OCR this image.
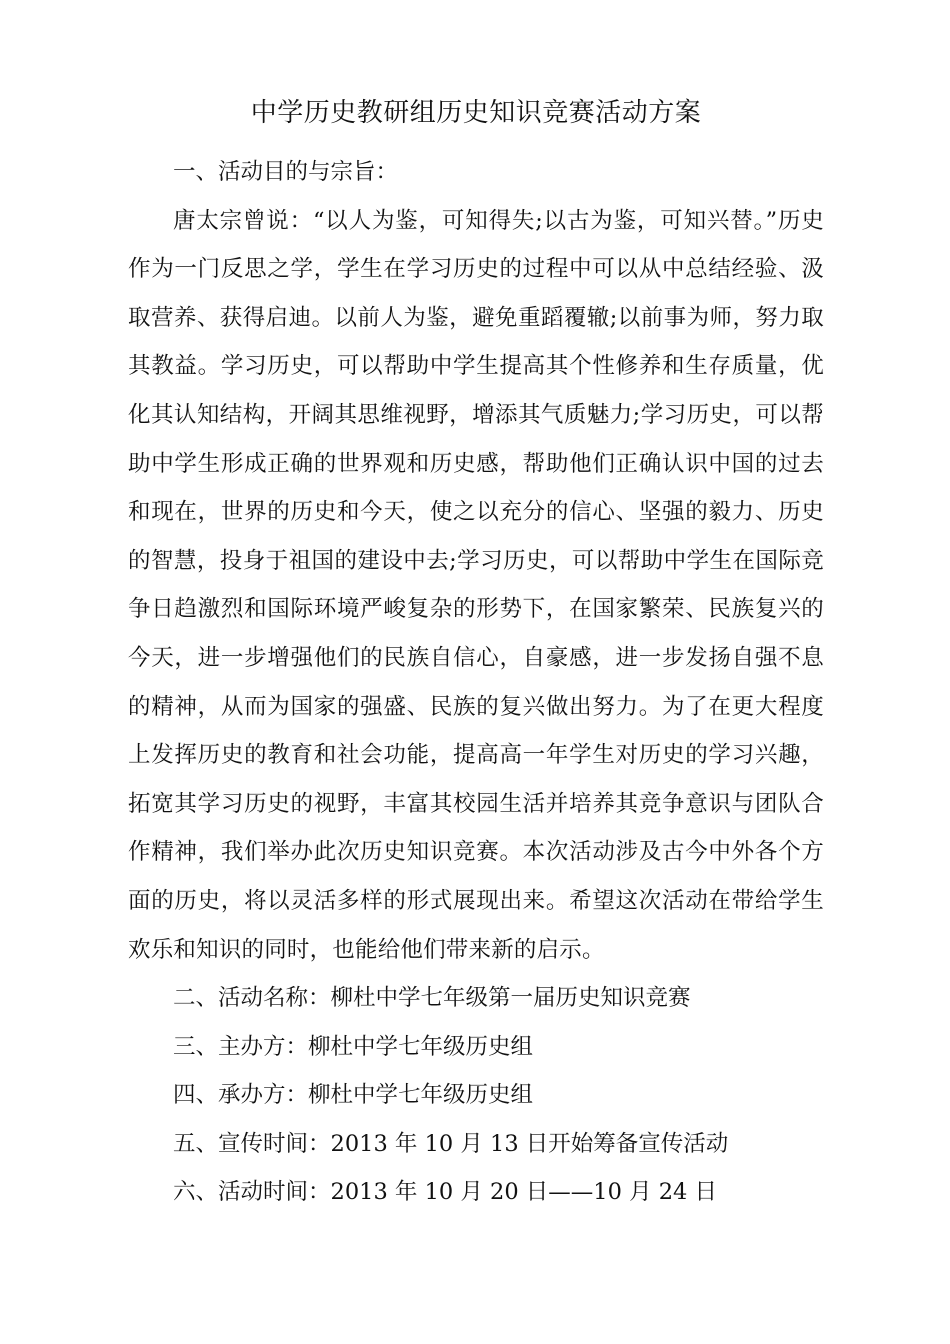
中学历史教研组历史知识竞赛活动方案

一、活动目的与宗旨：

唐太宗曾说：“以人为鉴，可知得失;以古为鉴，可知兴替。”历史作为一门反思之学，学生在学习历史的过程中可以从中总结经验、汲取营养、获得启迪。以前人为鉴，避免重蹈覆辙;以前事为师，努力取其教益。学习历史，可以帮助中学生提高其个性修养和生存质量，优化其认知结构，开阔其思维视野，增添其气质魅力;学习历史，可以帮助中学生形成正确的世界观和历史感，帮助他们正确认识中国的过去和现在，世界的历史和今天，使之以充分的信心、坚强的毅力、历史的智慧，投身于祖国的建设中去;学习历史，可以帮助中学生在国际竞争日趋激烈和国际环境严峻复杂的形势下，在国家繁荣、民族复兴的今天，进一步增强他们的民族自信心，自豪感，进一步发扬自强不息的精神，从而为国家的强盛、民族的复兴做出努力。为了在更大程度上发挥历史的教育和社会功能，提高高一年学生对历史的学习兴趣，拓宽其学习历史的视野，丰富其校园生活并培养其竞争意识与团队合作精神，我们举办此次历史知识竞赛。本次活动涉及古今中外各个方面的历史，将以灵活多样的形式展现出来。希望这次活动在带给学生欢乐和知识的同时，也能给他们带来新的启示。

二、活动名称：柳杜中学七年级第一届历史知识竞赛

三、主办方：柳杜中学七年级历史组

四、承办方：柳杜中学七年级历史组

五、宣传时间：2013 年 10 月 13 日开始筹备宣传活动

六、活动时间：2013 年 10 月 20 日——10 月 24 日
